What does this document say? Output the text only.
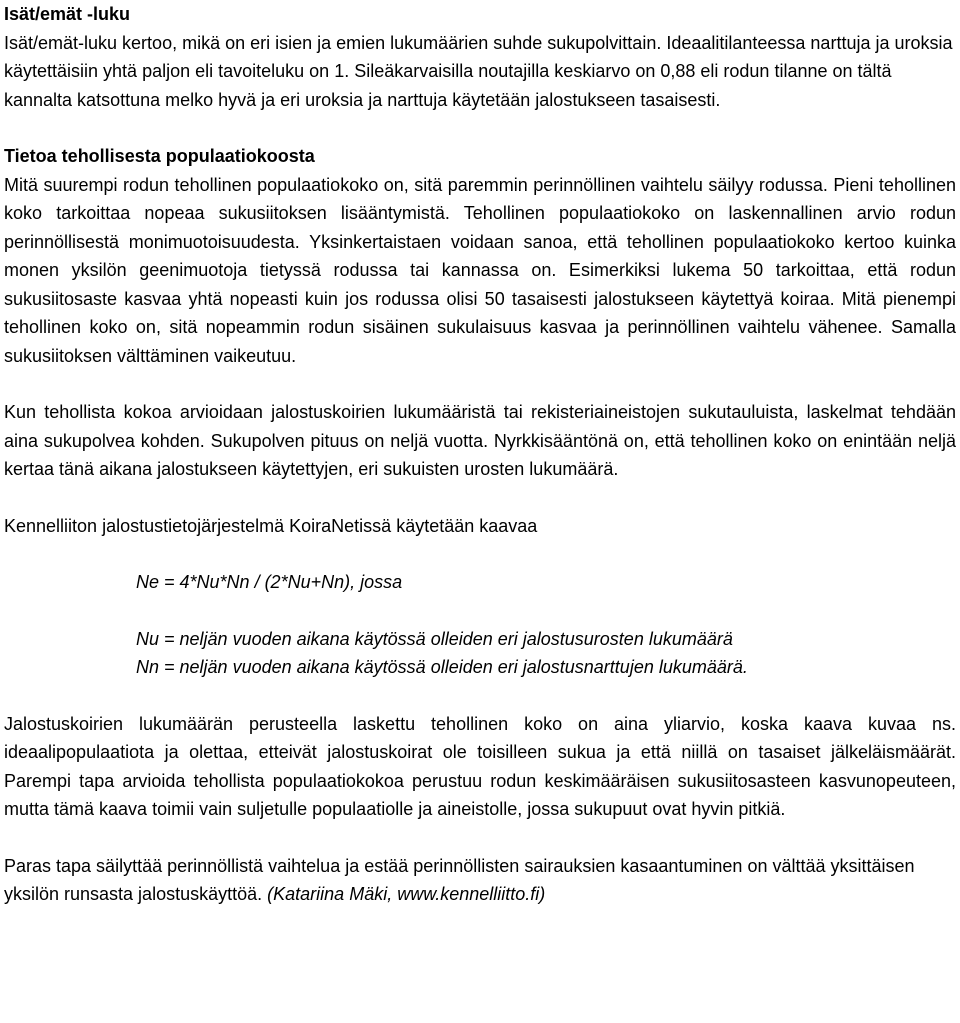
Isät/emät -luku

Isät/emät-luku kertoo, mikä on eri isien ja emien lukumäärien suhde sukupolvittain. Ideaalitilanteessa narttuja ja uroksia käytettäisiin yhtä paljon eli tavoiteluku on 1. Sileäkarvaisilla noutajilla keskiarvo on 0,88 eli rodun tilanne on tältä kannalta katsottuna melko hyvä ja eri uroksia ja narttuja käytetään jalostukseen tasaisesti.

Tietoa tehollisesta populaatiokoosta

Mitä suurempi rodun tehollinen populaatiokoko on, sitä paremmin perinnöllinen vaihtelu säilyy rodussa. Pieni tehollinen koko tarkoittaa nopeaa sukusiitoksen lisääntymistä. Tehollinen populaatiokoko on laskennallinen arvio rodun perinnöllisestä monimuotoisuudesta. Yksinkertaistaen voidaan sanoa, että tehollinen populaatiokoko kertoo kuinka monen yksilön geenimuotoja tietyssä rodussa tai kannassa on. Esimerkiksi lukema 50 tarkoittaa, että rodun sukusiitosaste kasvaa yhtä nopeasti kuin jos rodussa olisi 50 tasaisesti jalostukseen käytettyä koiraa. Mitä pienempi tehollinen koko on, sitä nopeammin rodun sisäinen sukulaisuus kasvaa ja perinnöllinen vaihtelu vähenee. Samalla sukusiitoksen välttäminen vaikeutuu.

Kun tehollista kokoa arvioidaan jalostuskoirien lukumääristä tai rekisteriaineistojen sukutauluista, laskelmat tehdään aina sukupolvea kohden. Sukupolven pituus on neljä vuotta. Nyrkkisääntönä on, että tehollinen koko on enintään neljä kertaa tänä aikana jalostukseen käytettyjen, eri sukuisten urosten lukumäärä.

Kennelliiton jalostustietojärjestelmä KoiraNetissä käytetään kaavaa

Ne = 4*Nu*Nn / (2*Nu+Nn), jossa

Nu = neljän vuoden aikana käytössä olleiden eri jalostusurosten lukumäärä

Nn = neljän vuoden aikana käytössä olleiden eri jalostusnarttujen lukumäärä.

Jalostuskoirien lukumäärän perusteella laskettu tehollinen koko on aina yliarvio, koska kaava kuvaa ns. ideaalipopulaatiota ja olettaa, etteivät jalostuskoirat ole toisilleen sukua ja että niillä on tasaiset jälkeläismäärät. Parempi tapa arvioida tehollista populaatiokokoa perustuu rodun keskimääräisen sukusiitosasteen kasvunopeuteen, mutta tämä kaava toimii vain suljetulle populaatiolle ja aineistolle, jossa sukupuut ovat hyvin pitkiä.

Paras tapa säilyttää perinnöllistä vaihtelua ja estää perinnöllisten sairauksien kasaantuminen on välttää yksittäisen yksilön runsasta jalostuskäyttöä. (Katariina Mäki, www.kennelliitto.fi)
